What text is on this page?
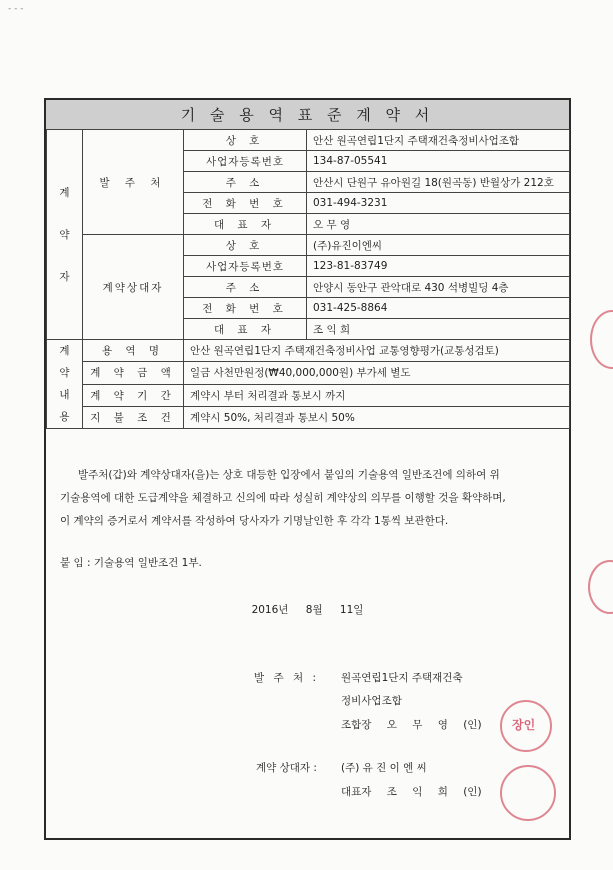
- - -
기 술 용 역 표 준 계 약 서
계
약
자	발 주 처	상 호	안산 원곡연립1단지 주택재건축정비사업조합
		사업자등록번호	134-87-05541
		주 소	안산시 단원구 유아원길 18(원곡동) 반월상가 212호
		전 화 번 호	031-494-3231
		대 표 자	오 무 영
	계약상대자	상 호	(주)유진이엔씨
		사업자등록번호	123-81-83749
		주 소	안양시 동안구 관악대로 430 석병빌딩 4층
		전 화 번 호	031-425-8864
		대 표 자	조 익 희

계
약
내
용	용 역 명	안산 원곡연립1단지 주택재건축정비사업 교통영향평가(교통성검토)	
	계 약 금 액	일금 사천만원정(₩40,000,000원) 부가세 별도	
	계 약 기 간	계약시 부터 처리결과 통보시 까지	
	지 불 조 건	계약시 50%, 처리결과 통보시 50%	
발주처(갑)와 계약상대자(을)는 상호 대등한 입장에서 붙임의 기술용역 일반조건에 의하여 위
기술용역에 대한 도급계약을 체결하고 신의에 따라 성실히 계약상의 의무를 이행할 것을 확약하며,
이 계약의 증거로서 계약서를 작성하여 당사자가 기명날인한 후 각각 1통씩 보관한다.
붙 임 : 기술용역 일반조건 1부.
2016년 8월 11일
발 주 처 : 원곡연립1단지 주택재건축
정비사업조합
조합장 오 무 영 (인)
계약 상대자 : (주) 유 진 이 엔 씨
대표자 조 익 희 (인)
장인
